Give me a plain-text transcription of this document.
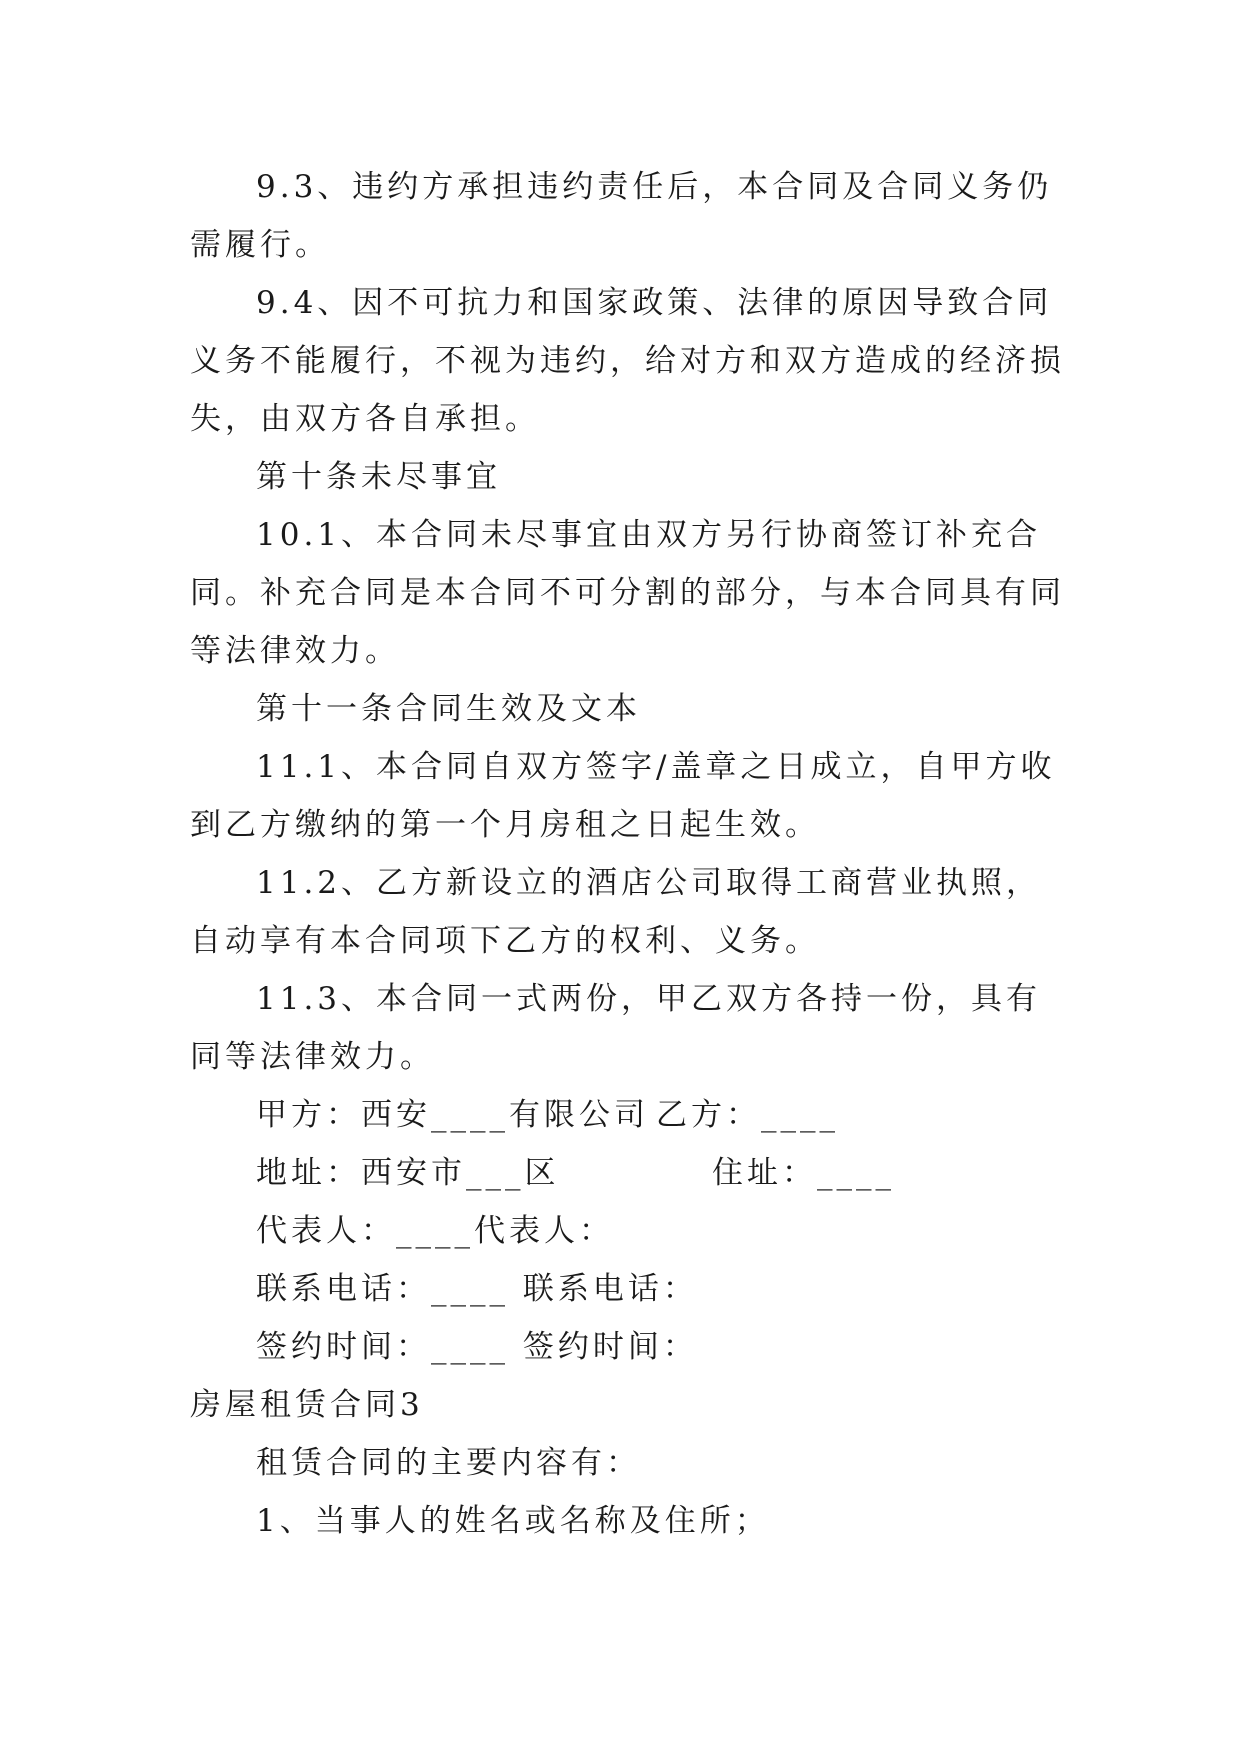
9.3、违约方承担违约责任后，本合同及合同义务仍需履行。

9.4、因不可抗力和国家政策、法律的原因导致合同义务不能履行，不视为违约，给对方和双方造成的经济损失，由双方各自承担。

第十条未尽事宜

10.1、本合同未尽事宜由双方另行协商签订补充合同。补充合同是本合同不可分割的部分，与本合同具有同等法律效力。

第十一条合同生效及文本

11.1、本合同自双方签字/盖章之日成立，自甲方收到乙方缴纳的第一个月房租之日起生效。

11.2、乙方新设立的酒店公司取得工商营业执照，自动享有本合同项下乙方的权利、义务。

11.3、本合同一式两份，甲乙双方各持一份，具有同等法律效力。

甲方：西安____有限公司 乙方：____
地址：西安市___区	住址：____
代表人：____代表人：
联系电话：____ 联系电话：
签约时间：____ 签约时间：

房屋租赁合同3

租赁合同的主要内容有：

1、当事人的姓名或名称及住所；
